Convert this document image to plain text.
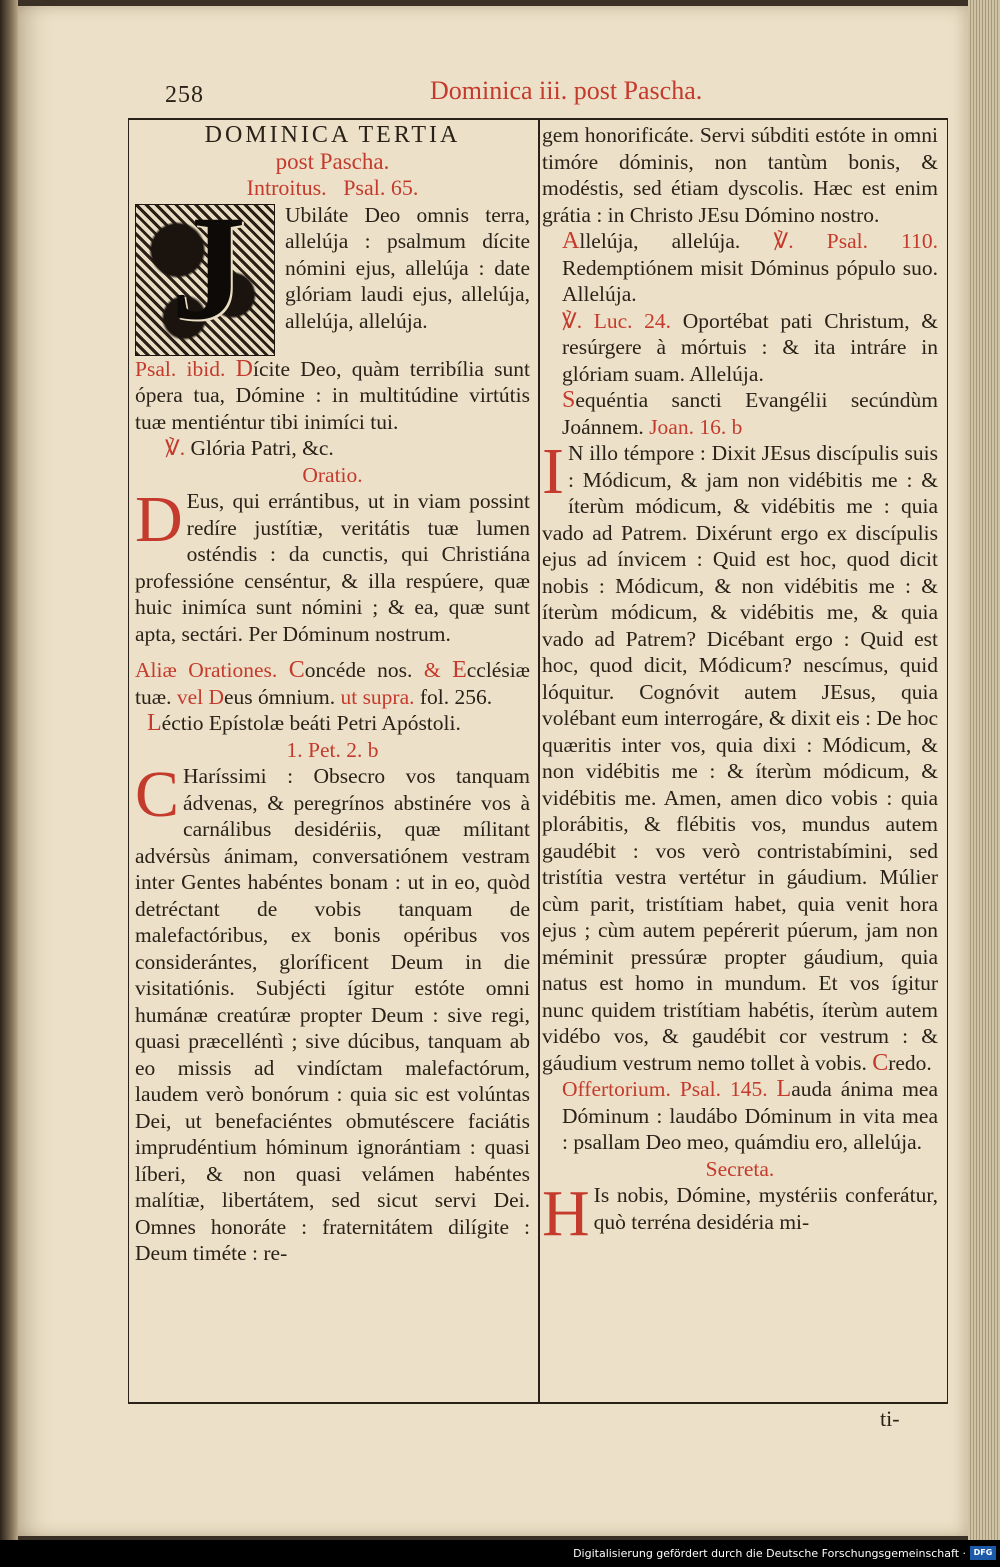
258	Dominica iii. post Pascha.

DOMINICA TERTIA

post Pascha.

Introitus. Psal. 65.

J Ubiláte Deo omnis terra, allelúja : psalmum dícite nómini ejus, allelúja : date glóriam laudi ejus, allelúja, allelúja, allelúja.

Psal. ibid. Dícite Deo, quàm terribília sunt ópera tua, Dómine : in multitúdine virtútis tuæ mentiéntur tibi inimíci tui.

℣. Glória Patri, &c.

Oratio.

D Eus, qui errántibus, ut in viam possint redíre justítiæ, veritátis tuæ lumen osténdis : da cunctis, qui Christiána professióne censéntur, & illa respúere, quæ huic inimíca sunt nómini ; & ea, quæ sunt apta, sectári. Per Dóminum nostrum.

Aliæ Orationes. Concéde nos. & Ecclésiæ tuæ. vel Deus ómnium. ut supra. fol. 256.

Léctio Epístolæ beáti Petri Apóstoli.

1. Pet. 2. b

C Haríssimi : Obsecro vos tanquam ádvenas, & peregrínos abstinére vos à carnálibus desidériis, quæ mílitant advérsùs ánimam, conversatiónem vestram inter Gentes habéntes bonam : ut in eo, quòd detréctant de vobis tanquam de malefactóribus, ex bonis opéribus vos considerántes, gloríficent Deum in die visitatiónis. Subjécti ígitur estóte omni humánæ creatúræ propter Deum : sive regi, quasi præcelléntì ; sive dúcibus, tanquam ab eo missis ad vindíctam malefactórum, laudem verò bonórum : quia sic est volúntas Dei, ut benefaciéntes obmutéscere faciátis imprudéntium hóminum ignorántiam : quasi líberi, & non quasi velámen habéntes malítiæ, libertátem, sed sicut servi Dei. Omnes honoráte : fraternitátem dilígite : Deum timéte : re-

gem honorificáte. Servi súbditi estóte in omni timóre dóminis, non tantùm bonis, & modéstis, sed étiam dyscolis. Hæc est enim grátia : in Christo JEsu Dómino nostro.

Allelúja, allelúja. ℣. Psal. 110. Redemptiónem misit Dóminus pópulo suo. Allelúja.

℣. Luc. 24. Oportébat pati Christum, & resúrgere à mórtuis : & ita intráre in glóriam suam. Allelúja.

Sequéntia sancti Evangélii secúndùm Joánnem. Joan. 16. b

I N illo témpore : Dixit JEsus discípulis suis : Módicum, & jam non vidébitis me : & íterùm módicum, & vidébitis me : quia vado ad Patrem. Dixérunt ergo ex discípulis ejus ad ínvicem : Quid est hoc, quod dicit nobis : Módicum, & non vidébitis me : & íterùm módicum, & vidébitis me, & quia vado ad Patrem? Dicébant ergo : Quid est hoc, quod dicit, Módicum? nescímus, quid lóquitur. Cognóvit autem JEsus, quia volébant eum interrogáre, & dixit eis : De hoc quæritis inter vos, quia dixi : Módicum, & non vidébitis me : & íterùm módicum, & vidébitis me. Amen, amen dico vobis : quia plorábitis, & flébitis vos, mundus autem gaudébit : vos verò contristabímini, sed tristítia vestra vertétur in gáudium. Múlier cùm parit, tristítiam habet, quia venit hora ejus ; cùm autem pepérerit púerum, jam non méminit pressúræ propter gáudium, quia natus est homo in mundum. Et vos ígitur nunc quidem tristítiam habétis, íterùm autem vidébo vos, & gaudébit cor vestrum : & gáudium vestrum nemo tollet à vobis. Credo.

Offertorium. Psal. 145. Lauda ánima mea Dóminum : laudábo Dóminum in vita mea : psallam Deo meo, quámdiu ero, allelúja.

Secreta.

H Is nobis, Dómine, mystériis conferátur, quò terréna desidéria mi-

ti-
Digitalisierung gefördert durch die Deutsche Forschungsgemeinschaft · DFG
